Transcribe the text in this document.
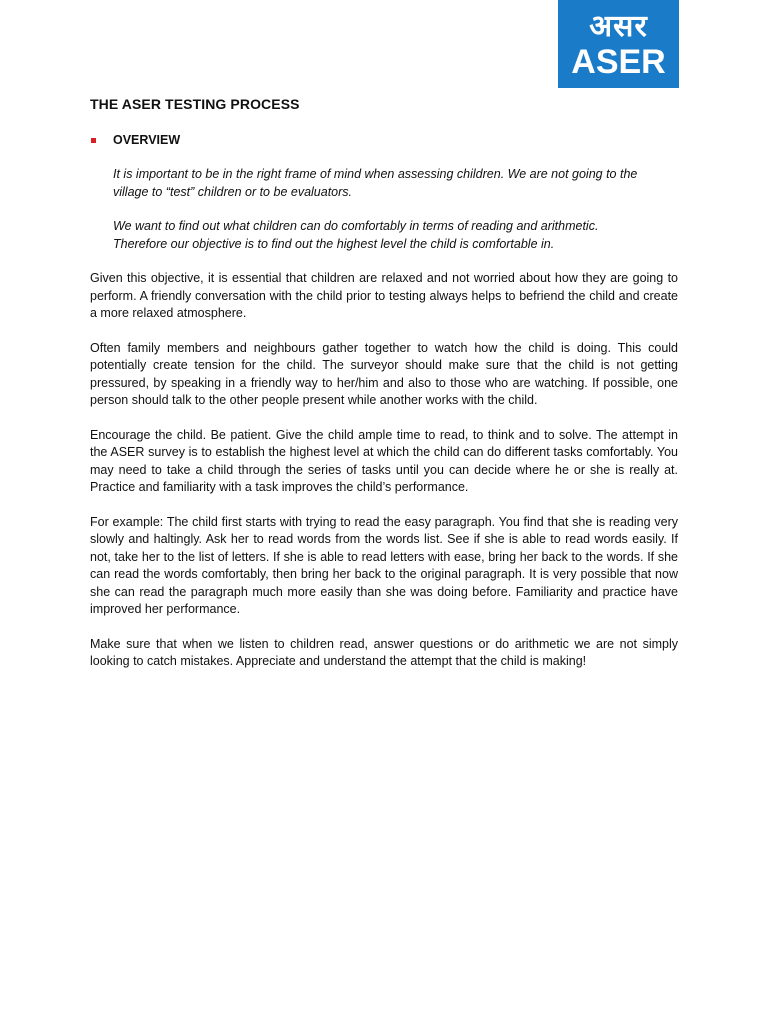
असर
ASER
THE ASER TESTING PROCESS
OVERVIEW

It is important to be in the right frame of mind when assessing children. We are not going to the village to “test” children or to be evaluators.

We want to find out what children can do comfortably in terms of reading and arithmetic. Therefore our objective is to find out the highest level the child is comfortable in.

Given this objective, it is essential that children are relaxed and not worried about how they are going to perform. A friendly conversation with the child prior to testing always helps to befriend the child and create a more relaxed atmosphere.

Often family members and neighbours gather together to watch how the child is doing. This could potentially create tension for the child. The surveyor should make sure that the child is not getting pressured, by speaking in a friendly way to her/him and also to those who are watching. If possible, one person should talk to the other people present while another works with the child.

Encourage the child. Be patient. Give the child ample time to read, to think and to solve. The attempt in the ASER survey is to establish the highest level at which the child can do different tasks comfortably. You may need to take a child through the series of tasks until you can decide where he or she is really at. Practice and familiarity with a task improves the child’s performance.

For example: The child first starts with trying to read the easy paragraph. You find that she is reading very slowly and haltingly. Ask her to read words from the words list. See if she is able to read words easily. If not, take her to the list of letters. If she is able to read letters with ease, bring her back to the words. If she can read the words comfortably, then bring her back to the original paragraph. It is very possible that now she can read the paragraph much more easily than she was doing before. Familiarity and practice have improved her performance.

Make sure that when we listen to children read, answer questions or do arithmetic we are not simply looking to catch mistakes. Appreciate and understand the attempt that the child is making!
